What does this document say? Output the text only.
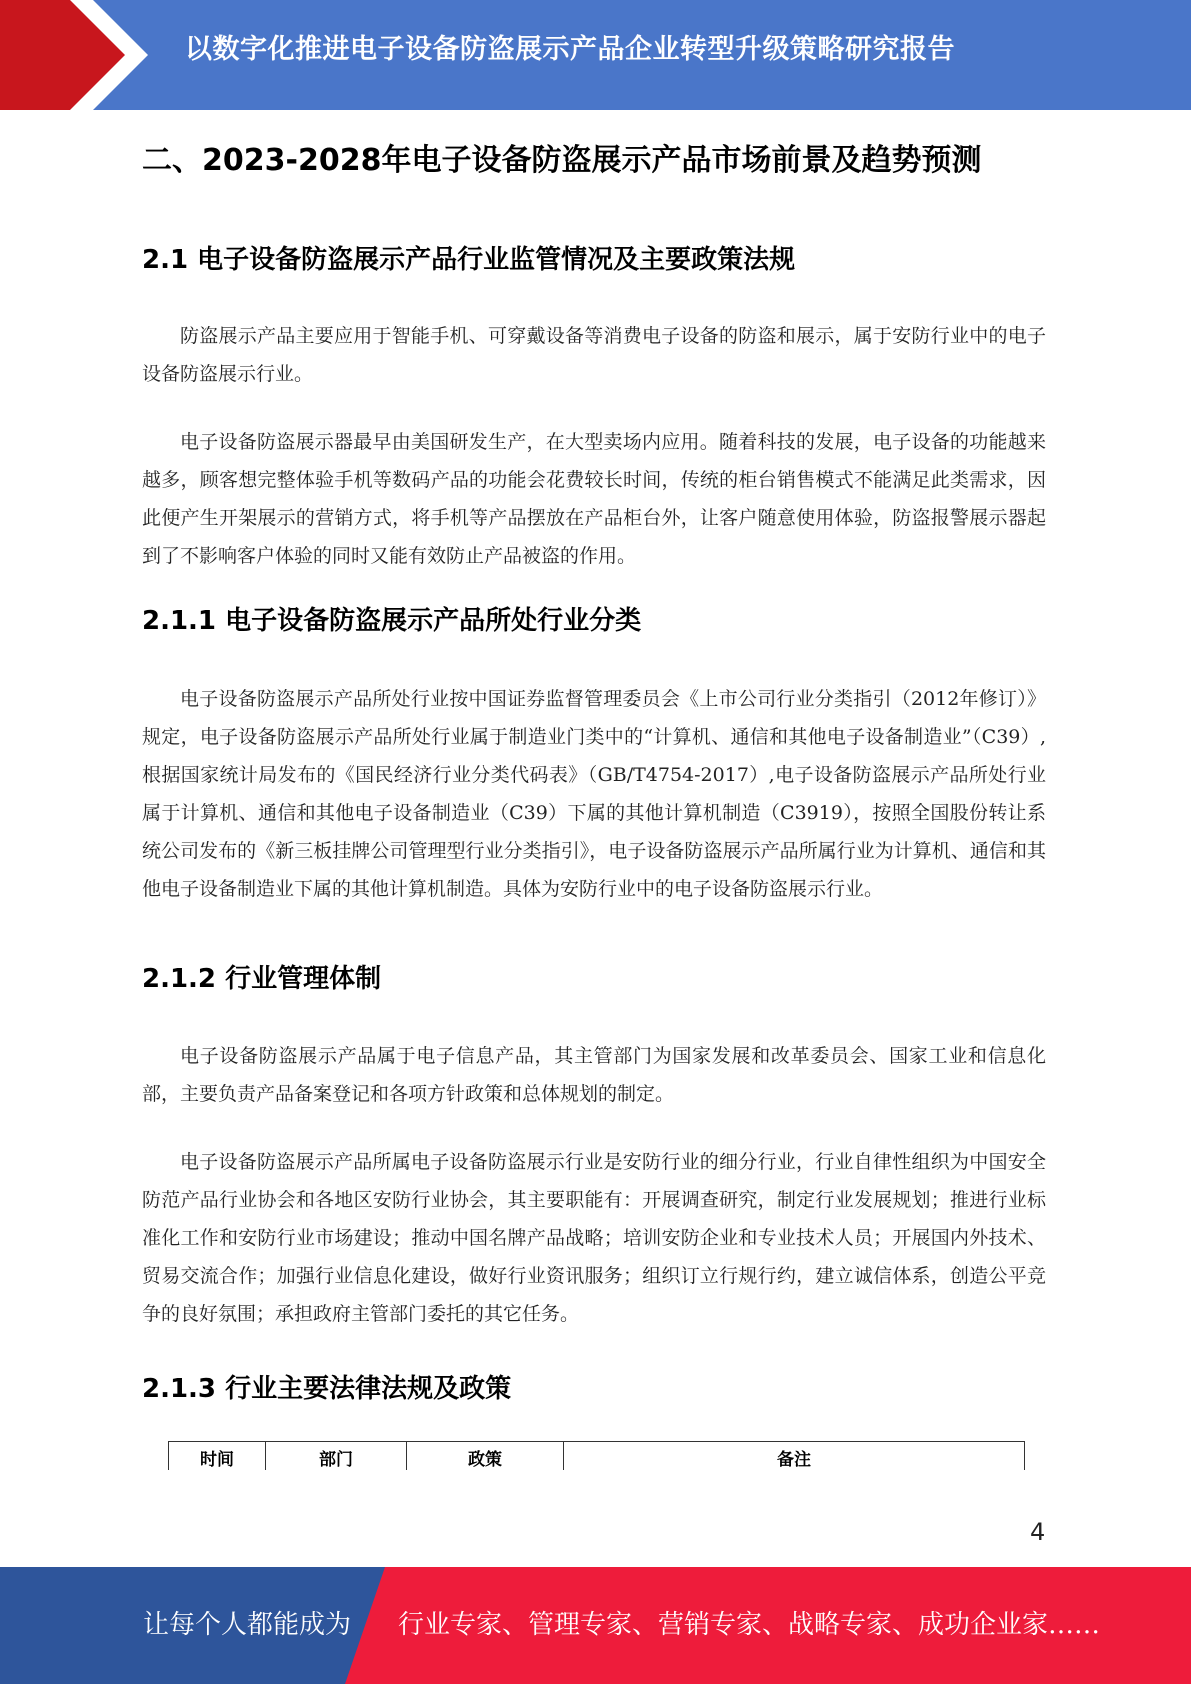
以数字化推进电子设备防盗展示产品企业转型升级策略研究报告
二、2023-2028年电子设备防盗展示产品市场前景及趋势预测
2.1 电子设备防盗展示产品行业监管情况及主要政策法规

防盗展示产品主要应用于智能手机、可穿戴设备等消费电子设备的防盗和展示，属于安防行业中的电子设备防盗展示行业。

电子设备防盗展示器最早由美国研发生产，在大型卖场内应用。随着科技的发展，电子设备的功能越来越多，顾客想完整体验手机等数码产品的功能会花费较长时间，传统的柜台销售模式不能满足此类需求，因此便产生开架展示的营销方式，将手机等产品摆放在产品柜台外，让客户随意使用体验，防盗报警展示器起到了不影响客户体验的同时又能有效防止产品被盗的作用。

2.1.1 电子设备防盗展示产品所处行业分类

电子设备防盗展示产品所处行业按中国证券监督管理委员会《上市公司行业分类指引（2012年修订）》规定，电子设备防盗展示产品所处行业属于制造业门类中的“计算机、通信和其他电子设备制造业”（C39）,根据国家统计局发布的《国民经济行业分类代码表》（GB/T4754-2017）,电子设备防盗展示产品所处行业属于计算机、通信和其他电子设备制造业（C39）下属的其他计算机制造（C3919），按照全国股份转让系统公司发布的《新三板挂牌公司管理型行业分类指引》，电子设备防盗展示产品所属行业为计算机、通信和其他电子设备制造业下属的其他计算机制造。具体为安防行业中的电子设备防盗展示行业。

2.1.2 行业管理体制

电子设备防盗展示产品属于电子信息产品，其主管部门为国家发展和改革委员会、国家工业和信息化部，主要负责产品备案登记和各项方针政策和总体规划的制定。

电子设备防盗展示产品所属电子设备防盗展示行业是安防行业的细分行业，行业自律性组织为中国安全防范产品行业协会和各地区安防行业协会，其主要职能有：开展调查研究，制定行业发展规划；推进行业标准化工作和安防行业市场建设；推动中国名牌产品战略；培训安防企业和专业技术人员；开展国内外技术、贸易交流合作；加强行业信息化建设，做好行业资讯服务；组织订立行规行约，建立诚信体系，创造公平竞争的良好氛围；承担政府主管部门委托的其它任务。

2.1.3 行业主要法律法规及政策
时间	部门	政策	备注
4
让每个人都能成为 行业专家、管理专家、营销专家、战略专家、成功企业家……
